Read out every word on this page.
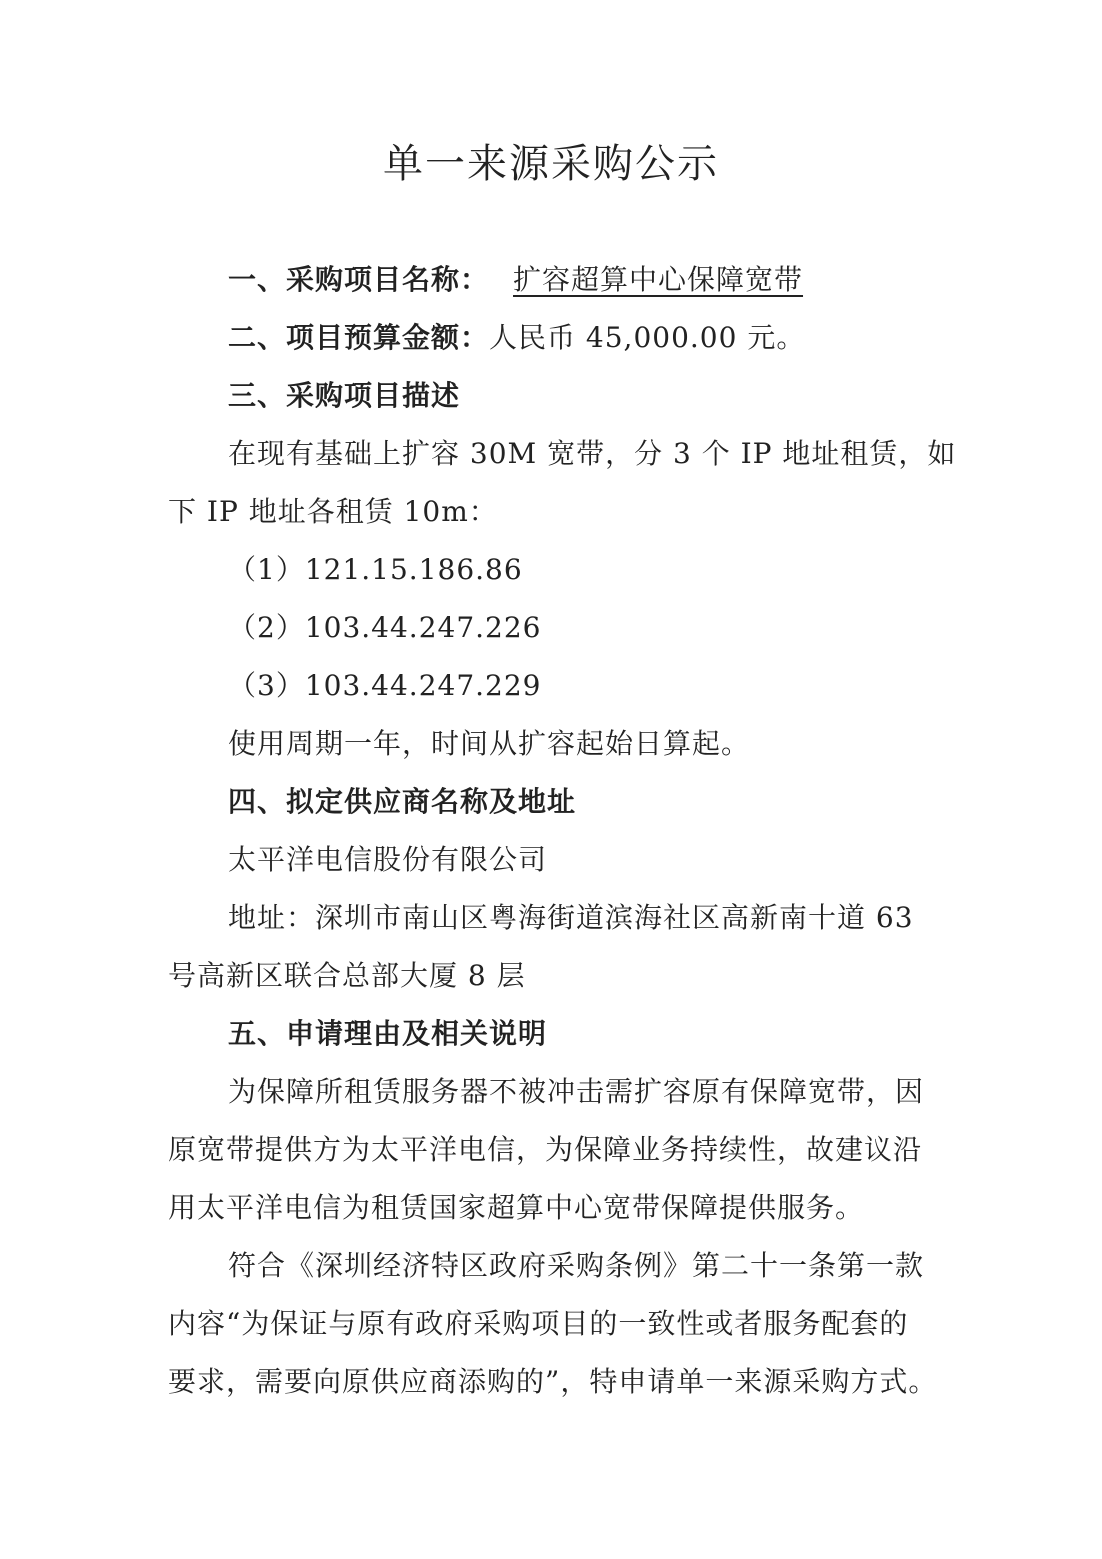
单一来源采购公示
一、采购项目名称： 扩容超算中心保障宽带
二、项目预算金额：人民币 45,000.00 元。
三、采购项目描述
在现有基础上扩容 30M 宽带，分 3 个 IP 地址租赁，如
下 IP 地址各租赁 10m：
（1）121.15.186.86
（2）103.44.247.226
（3）103.44.247.229
使用周期一年，时间从扩容起始日算起。
四、拟定供应商名称及地址
太平洋电信股份有限公司
地址：深圳市南山区粤海街道滨海社区高新南十道 63
号高新区联合总部大厦 8 层
五、申请理由及相关说明
为保障所租赁服务器不被冲击需扩容原有保障宽带，因
原宽带提供方为太平洋电信，为保障业务持续性，故建议沿
用太平洋电信为租赁国家超算中心宽带保障提供服务。
符合《深圳经济特区政府采购条例》第二十一条第一款
内容“为保证与原有政府采购项目的一致性或者服务配套的
要求，需要向原供应商添购的”，特申请单一来源采购方式。
